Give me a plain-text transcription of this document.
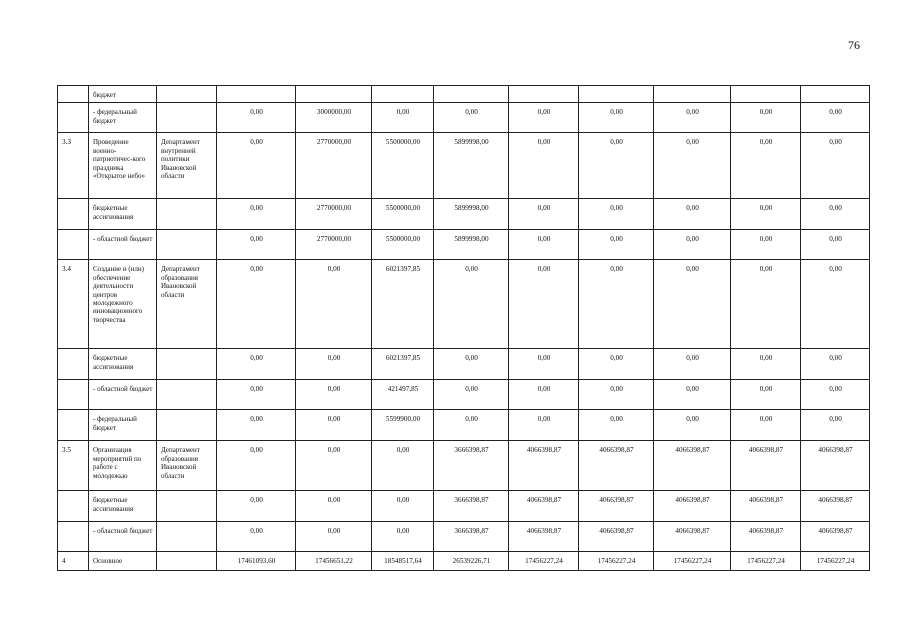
76
	бюджет										
	- федеральный бюджет		0,00	3000000,00	0,00	0,00	0,00	0,00	0,00	0,00	0,00
3.3	Проведение военно-патриотичес-кого праздника «Открытое небо»	Департамент внутренней политики Ивановской области	0,00	2770000,00	5500000,00	5899998,00	0,00	0,00	0,00	0,00	0,00
	бюджетные ассигнования		0,00	2770000,00	5500000,00	5899998,00	0,00	0,00	0,00	0,00	0,00
	- областной бюджет		0,00	2770000,00	5500000,00	5899998,00	0,00	0,00	0,00	0,00	0,00
3.4	Создание и (или) обеспечение деятельности центров молодежного инновационного творчества	Департамент образования Ивановской области	0,00	0,00	6021397,85	0,00	0,00	0,00	0,00	0,00	0,00
	бюджетные ассигнования		0,00	0,00	6021397,85	0,00	0,00	0,00	0,00	0,00	0,00
	- областной бюджет		0,00	0,00	421497,85	0,00	0,00	0,00	0,00	0,00	0,00
	- федеральный бюджет		0,00	0,00	5599900,00	0,00	0,00	0,00	0,00	0,00	0,00
3.5	Организация мероприятий по работе с молодежью	Департамент образования Ивановской области	0,00	0,00	0,00	3666398,87	4066398,87	4066398,87	4066398,87	4066398,87	4066398,87
	бюджетные ассигнования		0,00	0,00	0,00	3666398,87	4066398,87	4066398,87	4066398,87	4066398,87	4066398,87
	- областной бюджет		0,00	0,00	0,00	3666398,87	4066398,87	4066398,87	4066398,87	4066398,87	4066398,87
4	Основное		17461093,60	17456651,22	18548517,64	26539226,71	17456227,24	17456227,24	17456227,24	17456227,24	17456227,24
